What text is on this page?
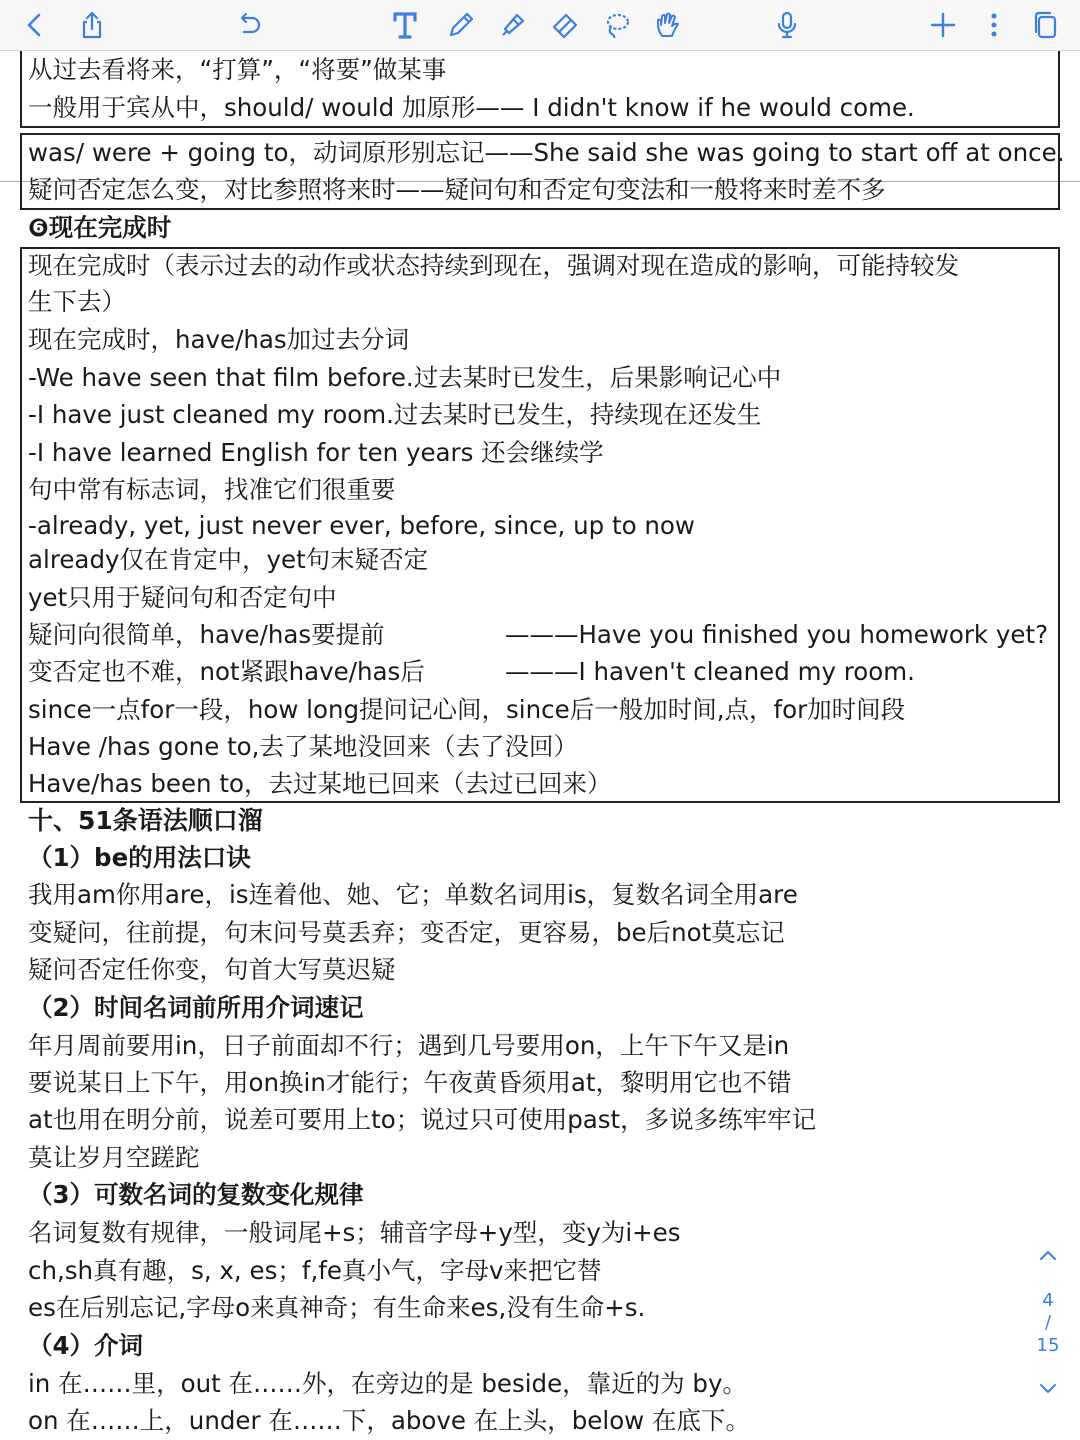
从过去看将来，“打算”，“将要”做某事
一般用于宾从中，should/ would 加原形—— I didn't know if he would come.
was/ were + going to，动词原形别忘记——She said she was going to start off at once.
疑问否定怎么变，对比参照将来时——疑问句和否定句变法和一般将来时差不多
❻现在完成时
现在完成时（表示过去的动作或状态持续到现在，强调对现在造成的影响，可能持较发
生下去）
现在完成时，have/has加过去分词
-We have seen that film before.过去某时已发生，后果影响记心中
-I have just cleaned my room.过去某时已发生，持续现在还发生
-I have learned English for ten years 还会继续学
句中常有标志词，找准它们很重要
-already, yet, just never ever, before, since, up to now
already仅在肯定中，yet句末疑否定
yet只用于疑问句和否定句中
疑问向很简单，have/has要提前	———Have you finished you homework yet?
变否定也不难，not紧跟have/has后	———I haven't cleaned my room.
since一点for一段，how long提问记心间，since后一般加时间,点，for加时间段
Have /has gone to,去了某地没回来（去了没回）
Have/has been to，去过某地已回来（去过已回来）
十、51条语法顺口溜
（1）be的用法口诀
我用am你用are，is连着他、她、它；单数名词用is，复数名词全用are
变疑问，往前提，句末问号莫丢弃；变否定，更容易，be后not莫忘记
疑问否定任你变，句首大写莫迟疑
（2）时间名词前所用介词速记
年月周前要用in，日子前面却不行；遇到几号要用on，上午下午又是in
要说某日上下午，用on换in才能行；午夜黄昏须用at，黎明用它也不错
at也用在明分前，说差可要用上to；说过只可使用past，多说多练牢牢记
莫让岁月空蹉跎
（3）可数名词的复数变化规律
名词复数有规律，一般词尾+s；辅音字母+y型，变y为i+es
ch,sh真有趣，s, x, es；f,fe真小气，字母v来把它替
es在后别忘记,字母o来真神奇；有生命来es,没有生命+s.
（4）介词
in 在……里，out 在……外，在旁边的是 beside，靠近的为 by。
on 在……上，under 在……下，above 在上头，below 在底下。
4
/
15
